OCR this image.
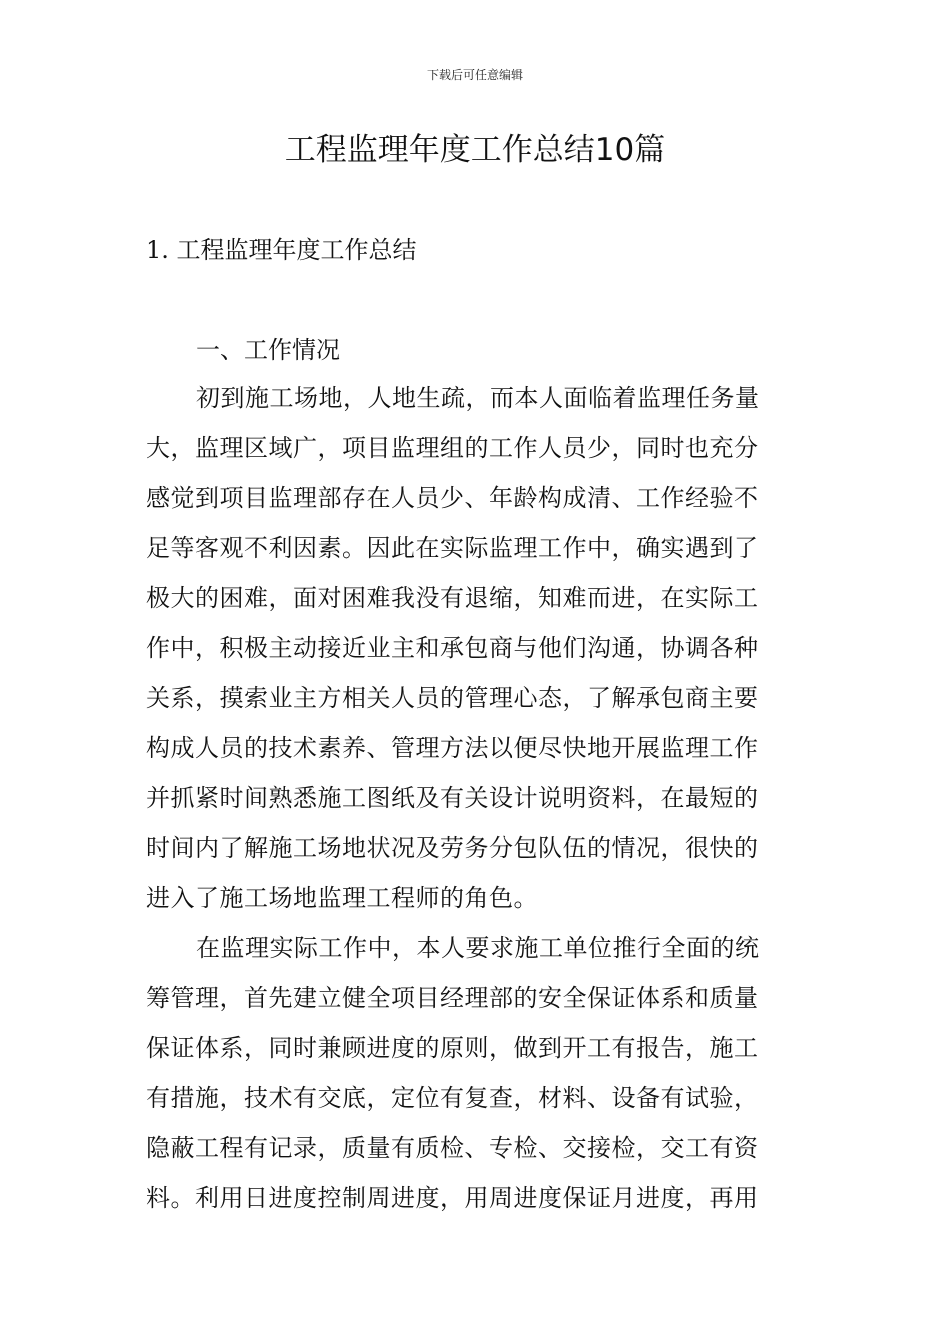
下载后可任意编辑
工程监理年度工作总结10篇
1. 工程监理年度工作总结
一、工作情况
初到施工场地，人地生疏，而本人面临着监理任务量
大，监理区域广，项目监理组的工作人员少，同时也充分
感觉到项目监理部存在人员少、年龄构成清、工作经验不
足等客观不利因素。因此在实际监理工作中，确实遇到了
极大的困难，面对困难我没有退缩，知难而进，在实际工
作中，积极主动接近业主和承包商与他们沟通，协调各种
关系，摸索业主方相关人员的管理心态，了解承包商主要
构成人员的技术素养、管理方法以便尽快地开展监理工作
并抓紧时间熟悉施工图纸及有关设计说明资料，在最短的
时间内了解施工场地状况及劳务分包队伍的情况，很快的
进入了施工场地监理工程师的角色。
在监理实际工作中，本人要求施工单位推行全面的统
筹管理，首先建立健全项目经理部的安全保证体系和质量
保证体系，同时兼顾进度的原则，做到开工有报告，施工
有措施，技术有交底，定位有复查，材料、设备有试验，
隐蔽工程有记录，质量有质检、专检、交接检，交工有资
料。利用日进度控制周进度，用周进度保证月进度，再用
